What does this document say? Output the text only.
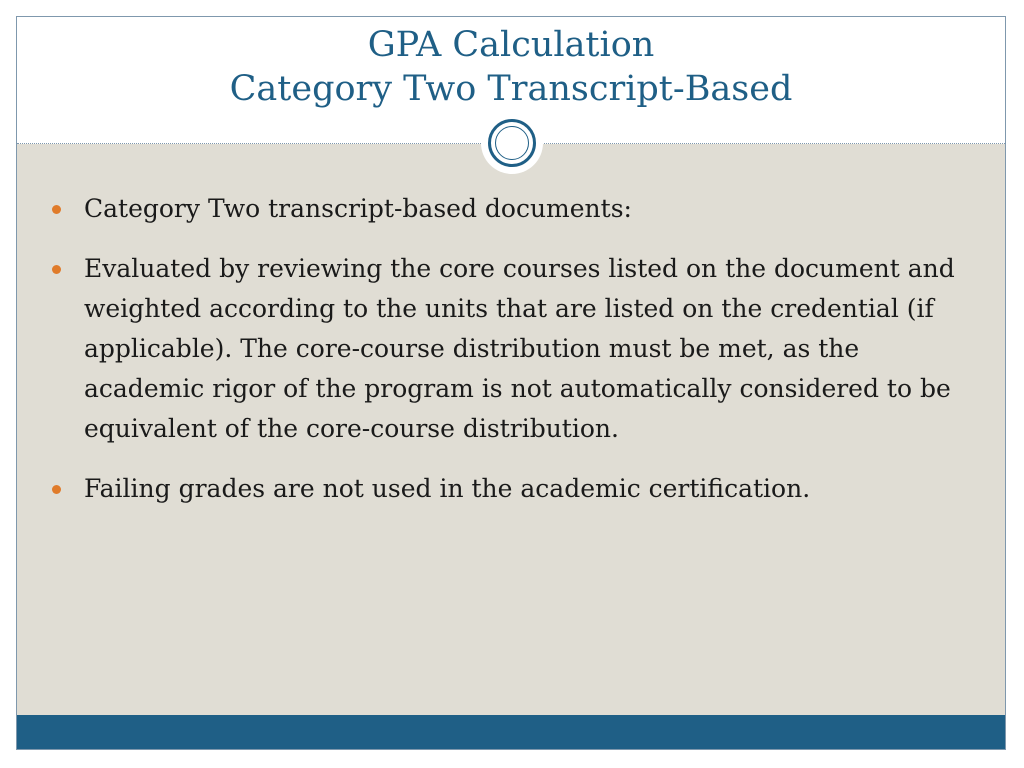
GPA Calculation
Category Two Transcript-Based

Category Two transcript-based documents:

Evaluated by reviewing the core courses listed on the document and weighted according to the units that are listed on the credential (if applicable). The core-course distribution must be met, as the academic rigor of the program is not automatically considered to be equivalent of the core-course distribution.

Failing grades are not used in the academic certification.
